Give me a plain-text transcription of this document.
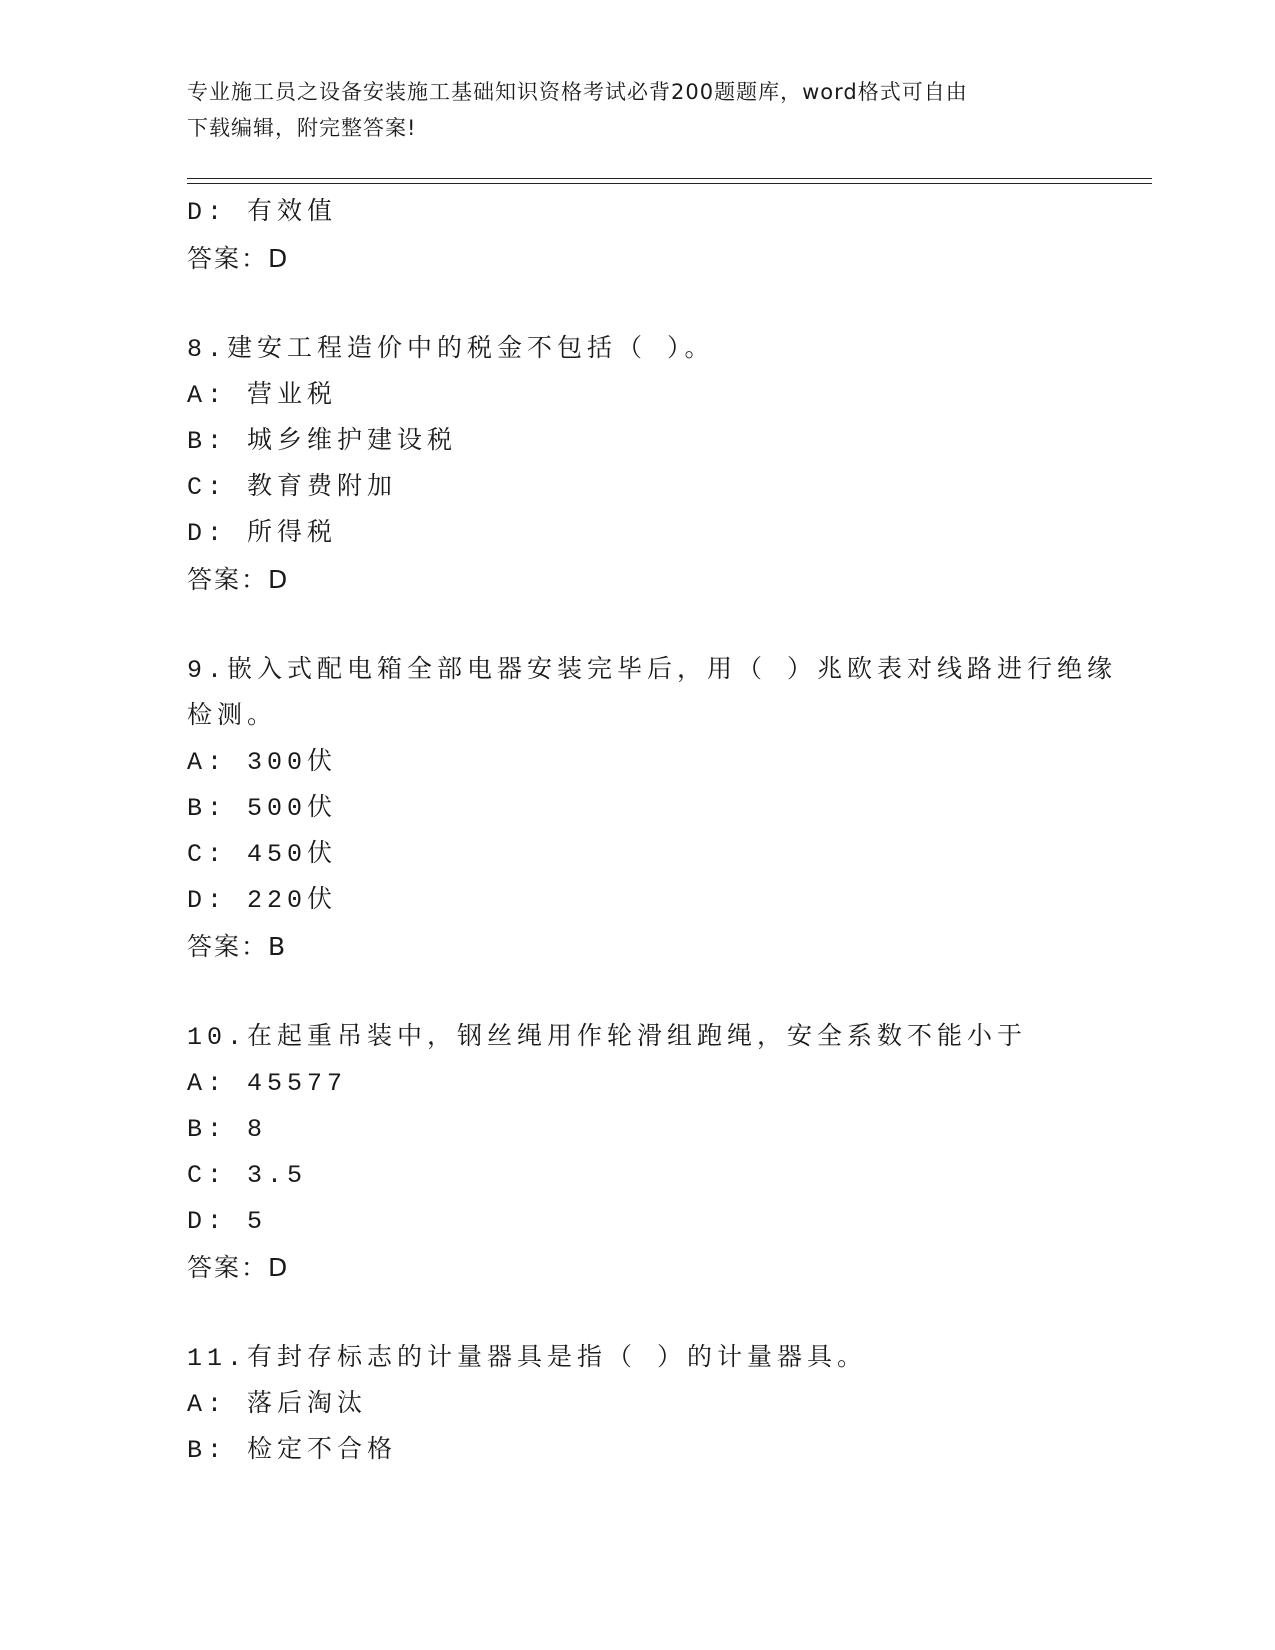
专业施工员之设备安装施工基础知识资格考试必背200题题库，word格式可自由
下载编辑，附完整答案!
D: 有效值
答案：D
8.建安工程造价中的税金不包括（ ）。
A: 营业税
B: 城乡维护建设税
C: 教育费附加
D: 所得税
答案：D
9.嵌入式配电箱全部电器安装完毕后，用（ ）兆欧表对线路进行绝缘
检测。
A: 300伏
B: 500伏
C: 450伏
D: 220伏
答案：B
10.在起重吊装中，钢丝绳用作轮滑组跑绳，安全系数不能小于
A: 45577
B: 8
C: 3.5
D: 5
答案：D
11.有封存标志的计量器具是指（ ）的计量器具。
A: 落后淘汰
B: 检定不合格
